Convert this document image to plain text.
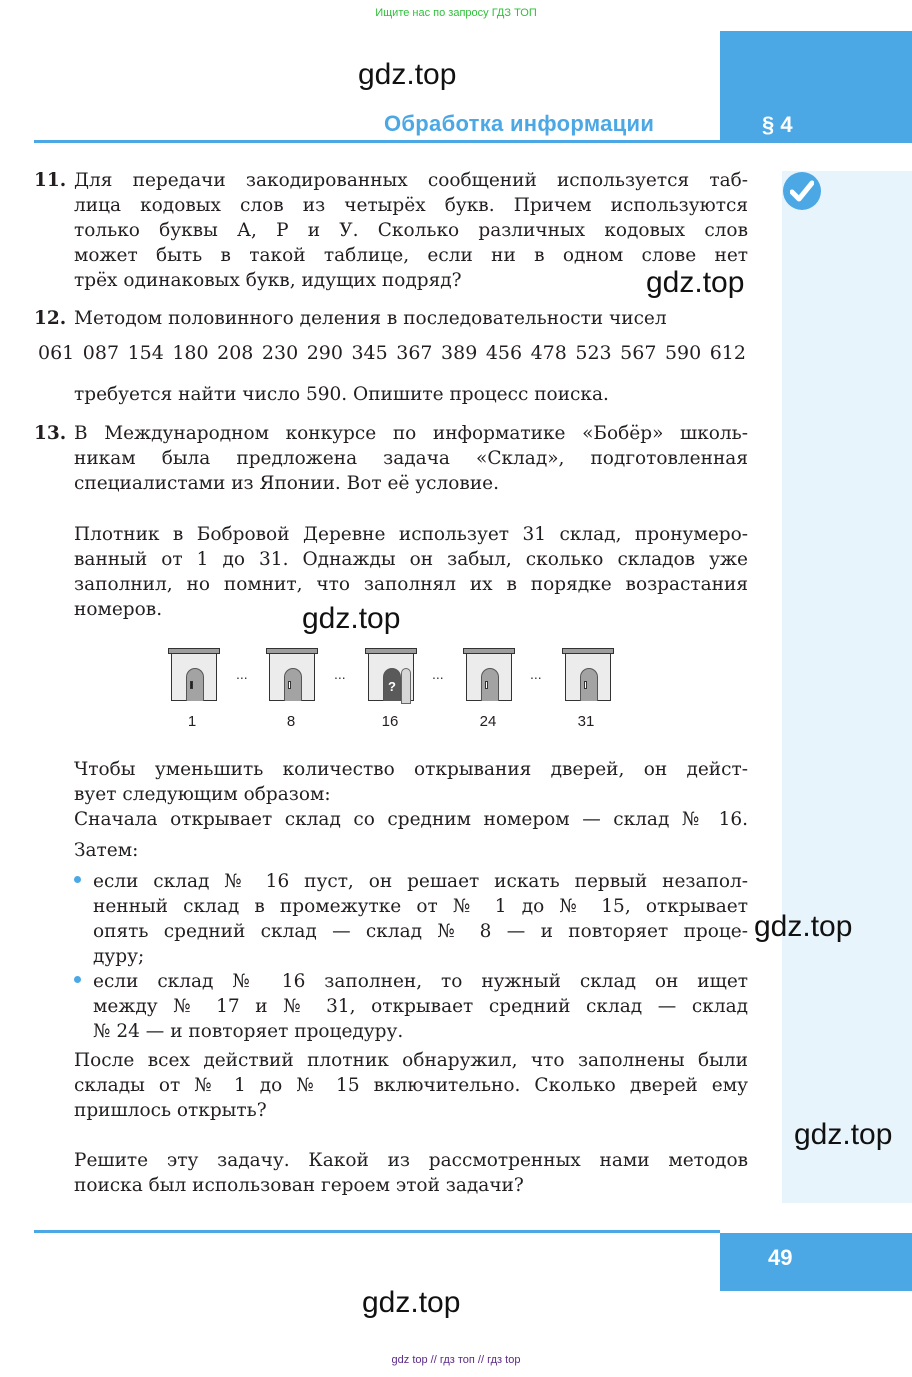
Ищите нас по запросу ГДЗ ТОП
§ 4
Обработка информации
gdz.top
gdz.top
gdz.top
gdz.top
gdz.top
gdz.top
11. Для передачи закодированных сообщений используется таб-
лица кодовых слов из четырёх букв. Причем используются
только буквы А, Р и У. Сколько различных кодовых слов
может быть в такой таблице, если ни в одном слове нет
трёх одинаковых букв, идущих подряд?
12. Методом половинного деления в последовательности чисел
061 087 154 180 208 230 290 345 367 389 456 478 523 567 590 612
требуется найти число 590. Опишите процесс поиска.
13. В Международном конкурсе по информатике «Бобёр» школь-
никам была предложена задача «Склад», подготовленная
специалистами из Японии. Вот её условие.
Плотник в Бобровой Деревне использует 31 склад, пронумеро-
ванный от 1 до 31. Однажды он забыл, сколько складов уже
заполнил, но помнит, что заполнял их в порядке возрастания
номеров.
...	...
?
...	...
1	8	16	24	31
Чтобы уменьшить количество открывания дверей, он дейст-
вует следующим образом:
Сначала открывает склад со средним номером — склад № 16.
Затем:
если склад № 16 пуст, он решает искать первый незапол-
ненный склад в промежутке от № 1 до № 15, открывает
опять средний склад — склад № 8 — и повторяет проце-
дуру;
если склад № 16 заполнен, то нужный склад он ищет
между № 17 и № 31, открывает средний склад — склад
№ 24 — и повторяет процедуру.
После всех действий плотник обнаружил, что заполнены были
склады от № 1 до № 15 включительно. Сколько дверей ему
пришлось открыть?
Решите эту задачу. Какой из рассмотренных нами методов
поиска был использован героем этой задачи?
49
gdz top // гдз топ // гдз top
